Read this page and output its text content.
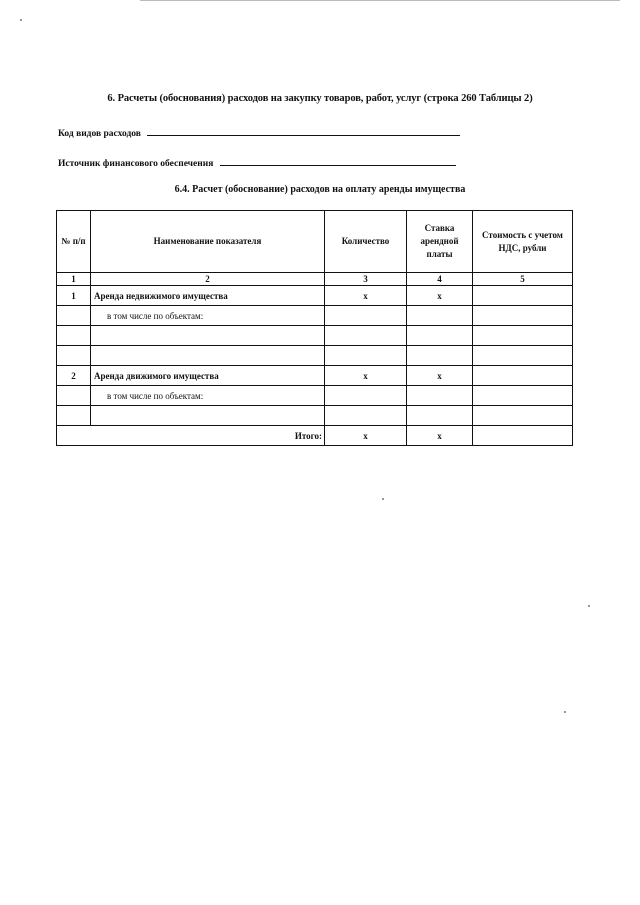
6. Расчеты (обоснования) расходов на закупку товаров, работ, услуг (строка 260 Таблицы 2)
Код видов расходов
Источник финансового обеспечения
6.4. Расчет (обоснование) расходов на оплату аренды имущества
№ п/п	Наименование показателя	Количество	Ставка арендной платы	Стоимость с учетом НДС, рубли
1	2	3	4	5
1	Аренда недвижимого имущества	x	x	
	в том числе по объектам:			

2	Аренда движимого имущества	x	x	
	в том числе по объектам:			

Итого:		x	x	
